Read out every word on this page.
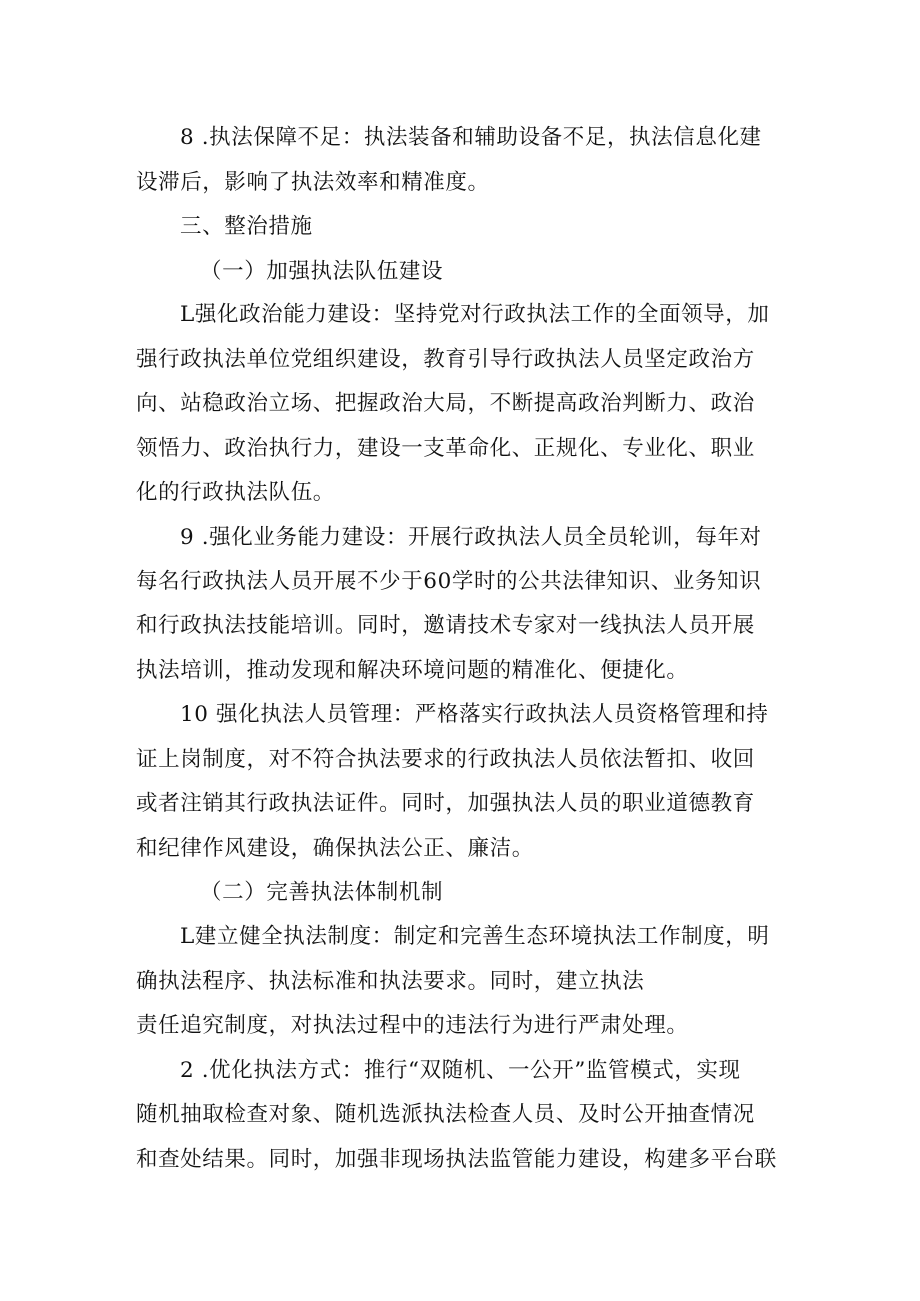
8 .执法保障不足：执法装备和辅助设备不足，执法信息化建
设滞后，影响了执法效率和精准度。
三、整治措施
（一）加强执法队伍建设
L强化政治能力建设：坚持党对行政执法工作的全面领导，加
强行政执法单位党组织建设，教育引导行政执法人员坚定政治方
向、站稳政治立场、把握政治大局，不断提高政治判断力、政治
领悟力、政治执行力，建设一支革命化、正规化、专业化、职业
化的行政执法队伍。
9 .强化业务能力建设：开展行政执法人员全员轮训，每年对
每名行政执法人员开展不少于60学时的公共法律知识、业务知识
和行政执法技能培训。同时，邀请技术专家对一线执法人员开展
执法培训，推动发现和解决环境问题的精准化、便捷化。
10 强化执法人员管理：严格落实行政执法人员资格管理和持
证上岗制度，对不符合执法要求的行政执法人员依法暂扣、收回
或者注销其行政执法证件。同时，加强执法人员的职业道德教育
和纪律作风建设，确保执法公正、廉洁。
（二）完善执法体制机制
L建立健全执法制度：制定和完善生态环境执法工作制度，明
确执法程序、执法标准和执法要求。同时，建立执法
责任追究制度，对执法过程中的违法行为进行严肃处理。
2 .优化执法方式：推行“双随机、一公开”监管模式，实现
随机抽取检查对象、随机选派执法检查人员、及时公开抽查情况
和查处结果。同时，加强非现场执法监管能力建设，构建多平台联
